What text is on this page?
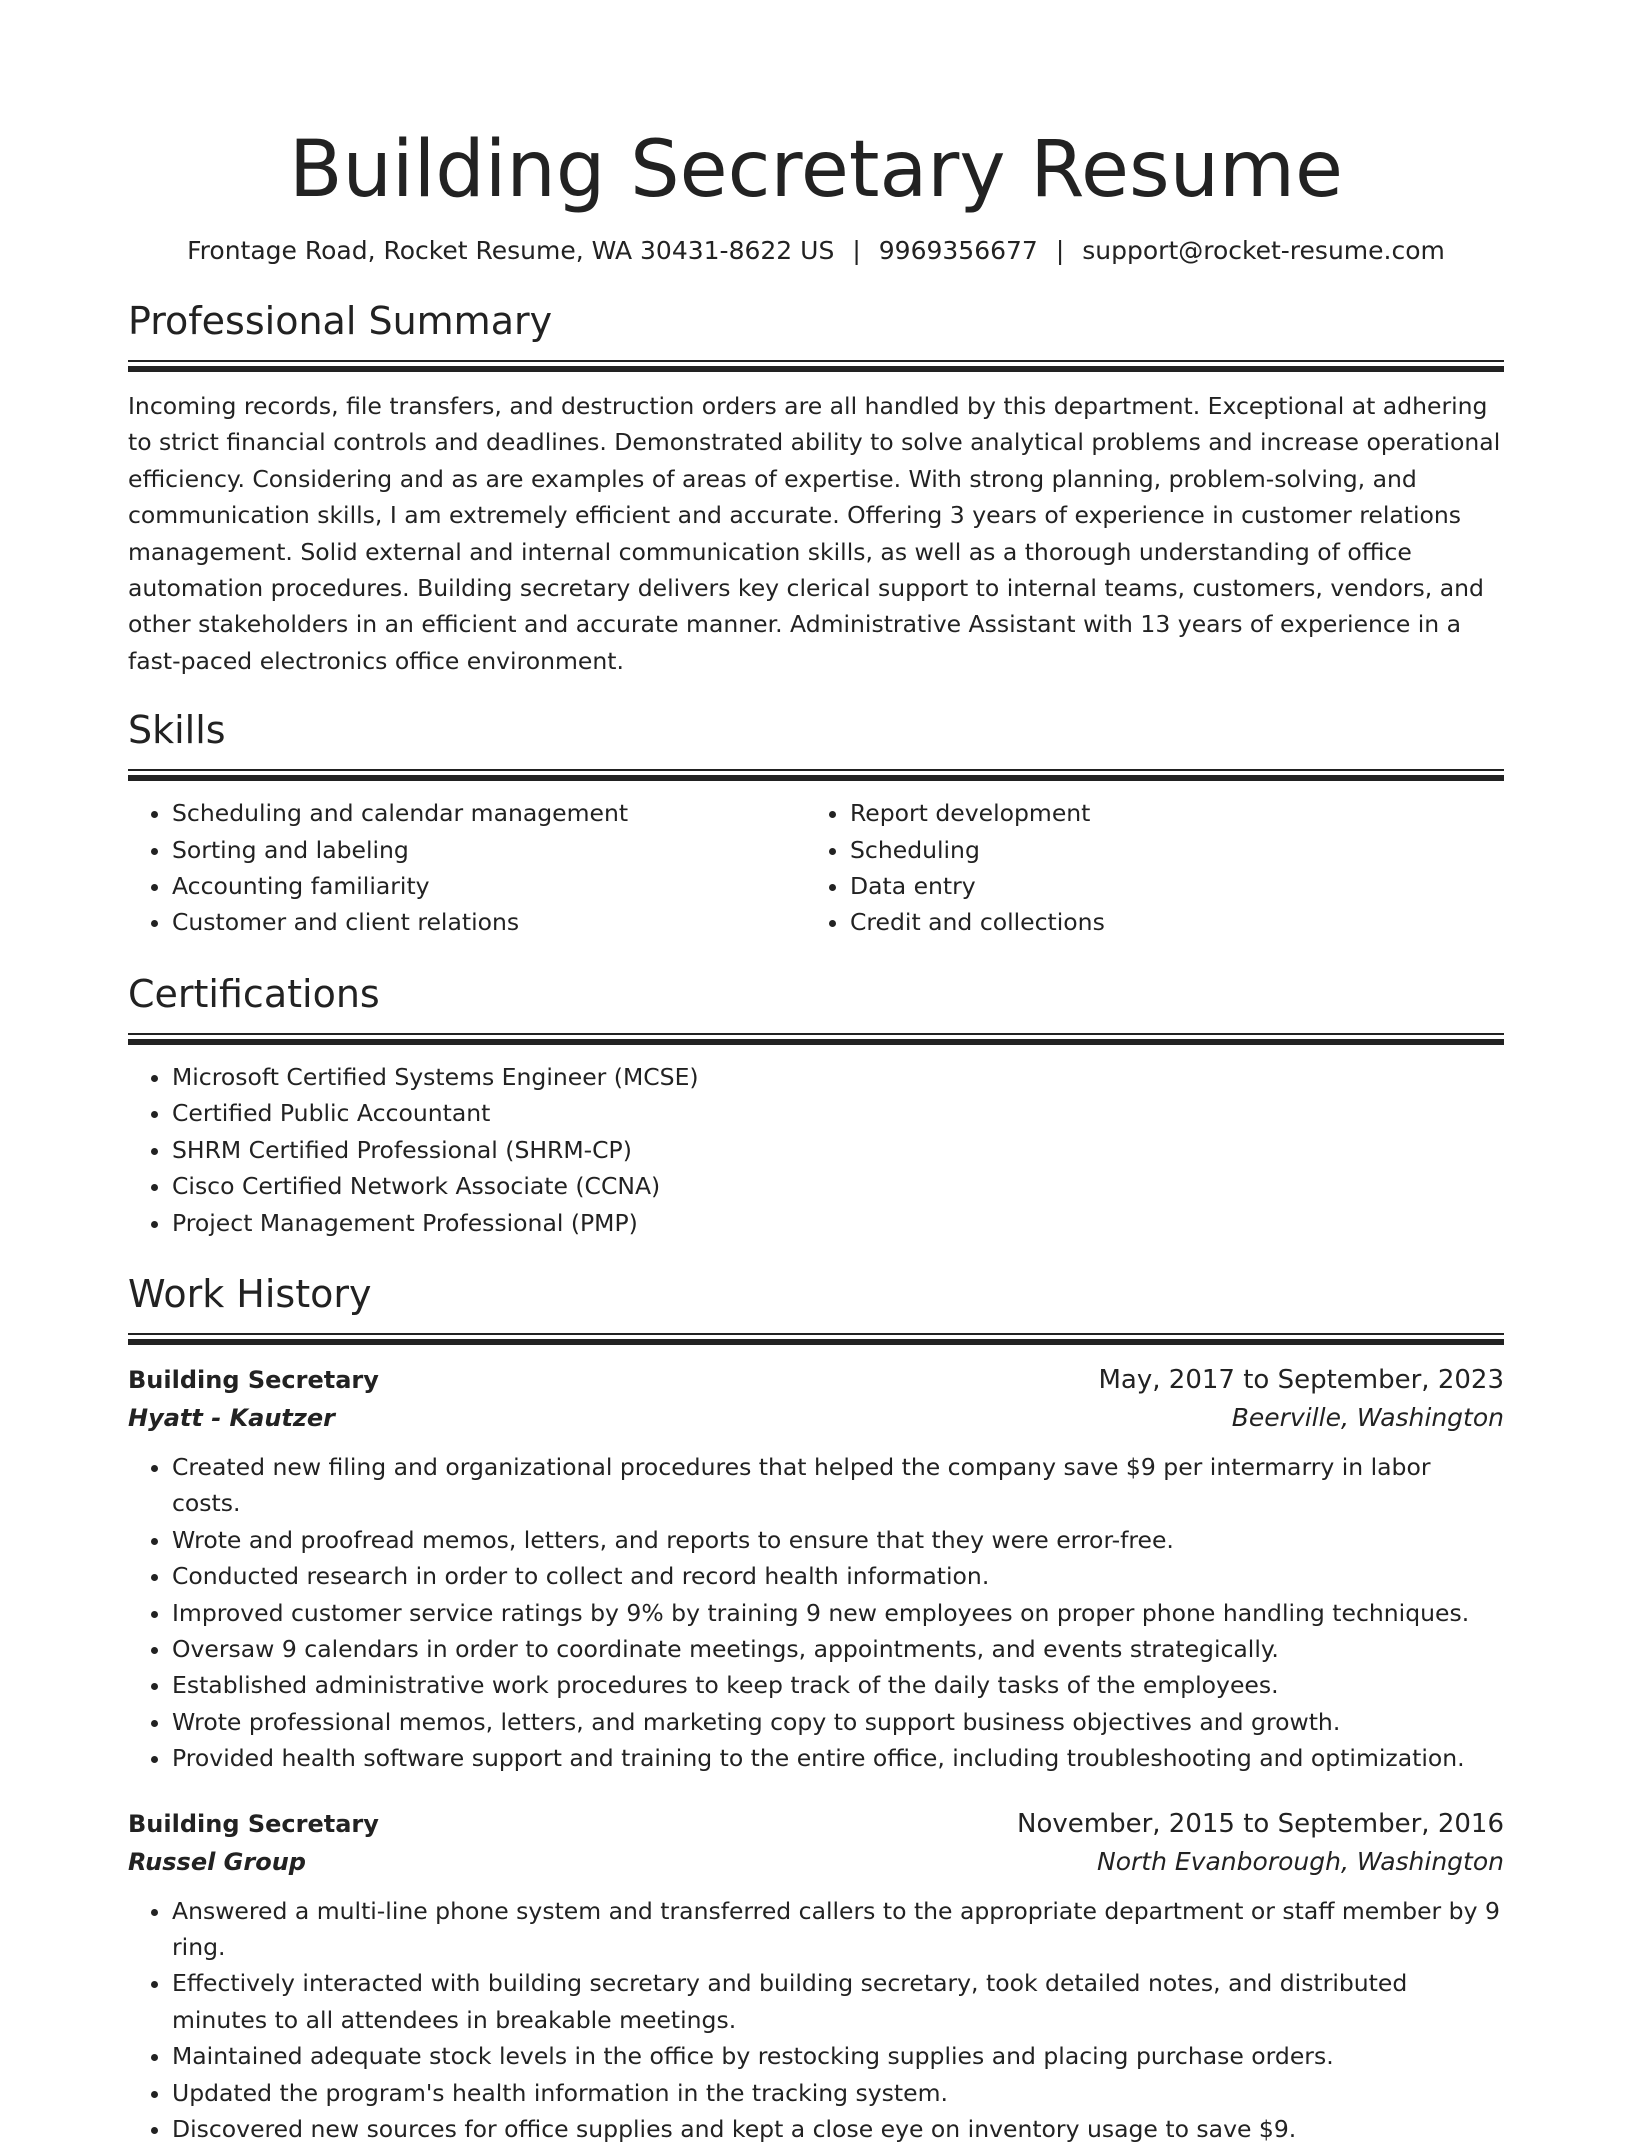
Building Secretary Resume
Frontage Road, Rocket Resume, WA 30431-8622 US | 9969356677 | support@rocket-resume.com
Professional Summary

Incoming records, file transfers, and destruction orders are all handled by this department. Exceptional at adhering to strict financial controls and deadlines. Demonstrated ability to solve analytical problems and increase operational efficiency. Considering and as are examples of areas of expertise. With strong planning, problem-solving, and communication skills, I am extremely efficient and accurate. Offering 3 years of experience in customer relations management. Solid external and internal communication skills, as well as a thorough understanding of office automation procedures. Building secretary delivers key clerical support to internal teams, customers, vendors, and other stakeholders in an efficient and accurate manner. Administrative Assistant with 13 years of experience in a fast-paced electronics office environment.

Skills
• Scheduling and calendar management
• Sorting and labeling
• Accounting familiarity
• Customer and client relations
• Report development
• Scheduling
• Data entry
• Credit and collections
Certifications
• Microsoft Certified Systems Engineer (MCSE)
• Certified Public Accountant
• SHRM Certified Professional (SHRM-CP)
• Cisco Certified Network Associate (CCNA)
• Project Management Professional (PMP)
Work History
Building Secretary	May, 2017 to September, 2023
Hyatt - Kautzer	Beerville, Washington
• Created new filing and organizational procedures that helped the company save $9 per intermarry in labor costs.
• Wrote and proofread memos, letters, and reports to ensure that they were error-free.
• Conducted research in order to collect and record health information.
• Improved customer service ratings by 9% by training 9 new employees on proper phone handling techniques.
• Oversaw 9 calendars in order to coordinate meetings, appointments, and events strategically.
• Established administrative work procedures to keep track of the daily tasks of the employees.
• Wrote professional memos, letters, and marketing copy to support business objectives and growth.
• Provided health software support and training to the entire office, including troubleshooting and optimization.
Building Secretary	November, 2015 to September, 2016
Russel Group	North Evanborough, Washington
• Answered a multi-line phone system and transferred callers to the appropriate department or staff member by 9 ring.
• Effectively interacted with building secretary and building secretary, took detailed notes, and distributed minutes to all attendees in breakable meetings.
• Maintained adequate stock levels in the office by restocking supplies and placing purchase orders.
• Updated the program's health information in the tracking system.
• Discovered new sources for office supplies and kept a close eye on inventory usage to save $9.
